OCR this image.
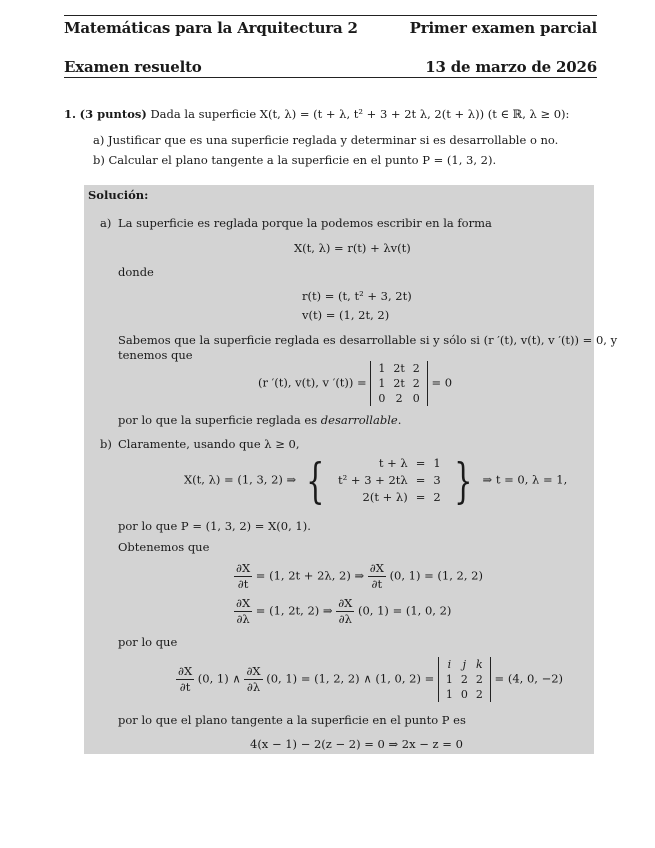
Matemáticas para la Arquitectura 2	Primer examen parcial
Examen resuelto	13 de marzo de 2026
1. (3 puntos) Dada la superficie X(t, λ) = (t + λ, t² + 3 + 2t λ, 2(t + λ)) (t ∈ ℝ, λ ≥ 0):
a) Justificar que es una superficie reglada y determinar si es desarrollable o no.
b) Calcular el plano tangente a la superficie en el punto P = (1, 3, 2).
Solución:
a) La superficie es reglada porque la podemos escribir en la forma
X(t, λ) = r(t) + λv(t)
donde
r(t) = (t, t² + 3, 2t)
v(t) = (1, 2t, 2)
Sabemos que la superficie reglada es desarrollable si y sólo si (r ′(t), v(t), v ′(t)) = 0, y
tenemos que
(r ′(t), v(t), v ′(t)) =
1	2t	2
1	2t	2
0	2	0
= 0
por lo que la superficie reglada es desarrollable.
b) Claramente, usando que λ ≥ 0,
X(t, λ) = (1, 3, 2) ⇒ {	t + λ	=	1
t² + 3 + 2tλ	=	3
2(t + λ)	=	2 } ⇒ t = 0, λ = 1,
por lo que P = (1, 3, 2) = X(0, 1).
Obtenemos que
$\frac{\partial X}{\partial t} = (1$, 2t + 2λ, 2) ⇒ $\frac{\partial X}{\partial t} (0$, 1) = (1, 2, 2)
$\frac{\partial X}{\partial\lambda} = (1$, 2t, 2) ⇒ $\frac{\partial X}{\partial\lambda} (0$, 1) = (1, 0, 2)
por lo que
$\frac{\partial X}{\partial t} (0$, 1) ∧ $\frac{\partial X}{\partial\lambda} (0$, 1) = (1, 2, 2) ∧ (1, 0, 2) =
i	j	k
1	2	2
1	0	2
= (4, 0, −2)
por lo que el plano tangente a la superficie en el punto P es
4(x − 1) − 2(z − 2) = 0 ⇒ 2x − z = 0
